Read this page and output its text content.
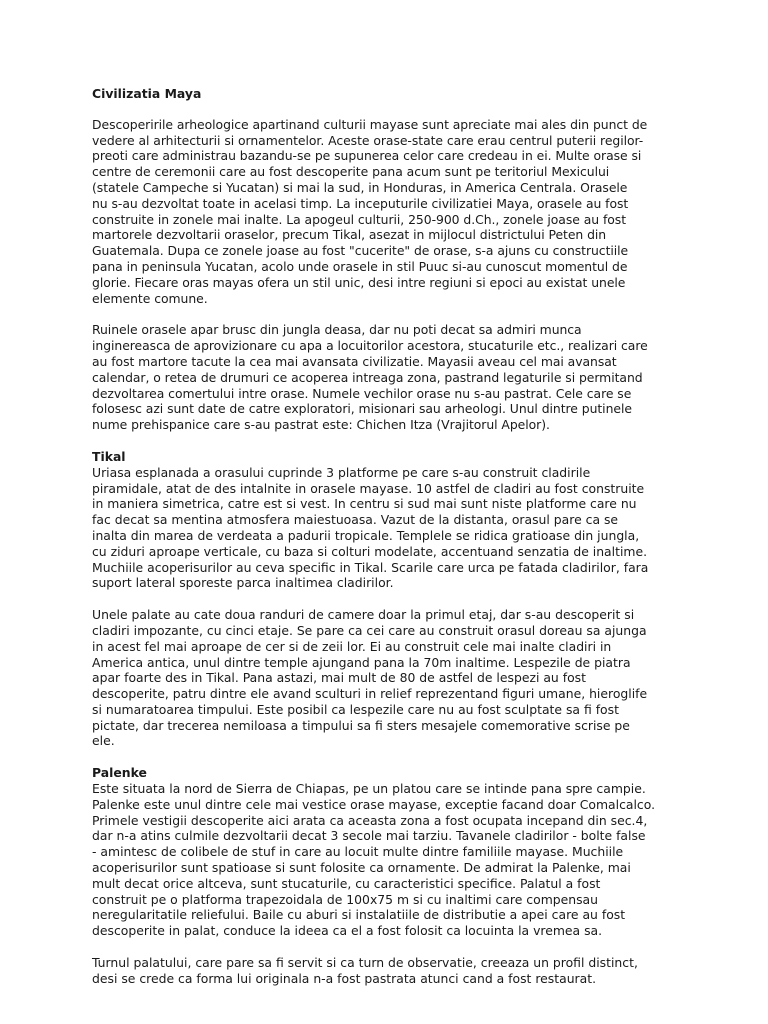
Civilizatia Maya
Descoperirile arheologice apartinand culturii mayase sunt apreciate mai ales din punct de
vedere al arhitecturii si ornamentelor. Aceste orase-state care erau centrul puterii regilor-
preoti care administrau bazandu-se pe supunerea celor care credeau in ei. Multe orase si
centre de ceremonii care au fost descoperite pana acum sunt pe teritoriul Mexicului
(statele Campeche si Yucatan) si mai la sud, in Honduras, in America Centrala. Orasele
nu s-au dezvoltat toate in acelasi timp. La inceputurile civilizatiei Maya, orasele au fost
construite in zonele mai inalte. La apogeul culturii, 250-900 d.Ch., zonele joase au fost
martorele dezvoltarii oraselor, precum Tikal, asezat in mijlocul districtului Peten din
Guatemala. Dupa ce zonele joase au fost "cucerite" de orase, s-a ajuns cu constructiile
pana in peninsula Yucatan, acolo unde orasele in stil Puuc si-au cunoscut momentul de
glorie. Fiecare oras mayas ofera un stil unic, desi intre regiuni si epoci au existat unele
elemente comune.
Ruinele orasele apar brusc din jungla deasa, dar nu poti decat sa admiri munca
inginereasca de aprovizionare cu apa a locuitorilor acestora, stucaturile etc., realizari care
au fost martore tacute la cea mai avansata civilizatie. Mayasii aveau cel mai avansat
calendar, o retea de drumuri ce acoperea intreaga zona, pastrand legaturile si permitand
dezvoltarea comertului intre orase. Numele vechilor orase nu s-au pastrat. Cele care se
folosesc azi sunt date de catre exploratori, misionari sau arheologi. Unul dintre putinele
nume prehispanice care s-au pastrat este: Chichen Itza (Vrajitorul Apelor).
Tikal
Uriasa esplanada a orasului cuprinde 3 platforme pe care s-au construit cladirile
piramidale, atat de des intalnite in orasele mayase. 10 astfel de cladiri au fost construite
in maniera simetrica, catre est si vest. In centru si sud mai sunt niste platforme care nu
fac decat sa mentina atmosfera maiestuoasa. Vazut de la distanta, orasul pare ca se
inalta din marea de verdeata a padurii tropicale. Templele se ridica gratioase din jungla,
cu ziduri aproape verticale, cu baza si colturi modelate, accentuand senzatia de inaltime.
Muchiile acoperisurilor au ceva specific in Tikal. Scarile care urca pe fatada cladirilor, fara
suport lateral sporeste parca inaltimea cladirilor.
Unele palate au cate doua randuri de camere doar la primul etaj, dar s-au descoperit si
cladiri impozante, cu cinci etaje. Se pare ca cei care au construit orasul doreau sa ajunga
in acest fel mai aproape de cer si de zeii lor. Ei au construit cele mai inalte cladiri in
America antica, unul dintre temple ajungand pana la 70m inaltime. Lespezile de piatra
apar foarte des in Tikal. Pana astazi, mai mult de 80 de astfel de lespezi au fost
descoperite, patru dintre ele avand sculturi in relief reprezentand figuri umane, hieroglife
si numaratoarea timpului. Este posibil ca lespezile care nu au fost sculptate sa fi fost
pictate, dar trecerea nemiloasa a timpului sa fi sters mesajele comemorative scrise pe
ele.
Palenke
Este situata la nord de Sierra de Chiapas, pe un platou care se intinde pana spre campie.
Palenke este unul dintre cele mai vestice orase mayase, exceptie facand doar Comalcalco.
Primele vestigii descoperite aici arata ca aceasta zona a fost ocupata incepand din sec.4,
dar n-a atins culmile dezvoltarii decat 3 secole mai tarziu. Tavanele cladirilor - bolte false
- amintesc de colibele de stuf in care au locuit multe dintre familiile mayase. Muchiile
acoperisurilor sunt spatioase si sunt folosite ca ornamente. De admirat la Palenke, mai
mult decat orice altceva, sunt stucaturile, cu caracteristici specifice. Palatul a fost
construit pe o platforma trapezoidala de 100x75 m si cu inaltimi care compensau
neregularitatile reliefului. Baile cu aburi si instalatiile de distributie a apei care au fost
descoperite in palat, conduce la ideea ca el a fost folosit ca locuinta la vremea sa.
Turnul palatului, care pare sa fi servit si ca turn de observatie, creeaza un profil distinct,
desi se crede ca forma lui originala n-a fost pastrata atunci cand a fost restaurat.
